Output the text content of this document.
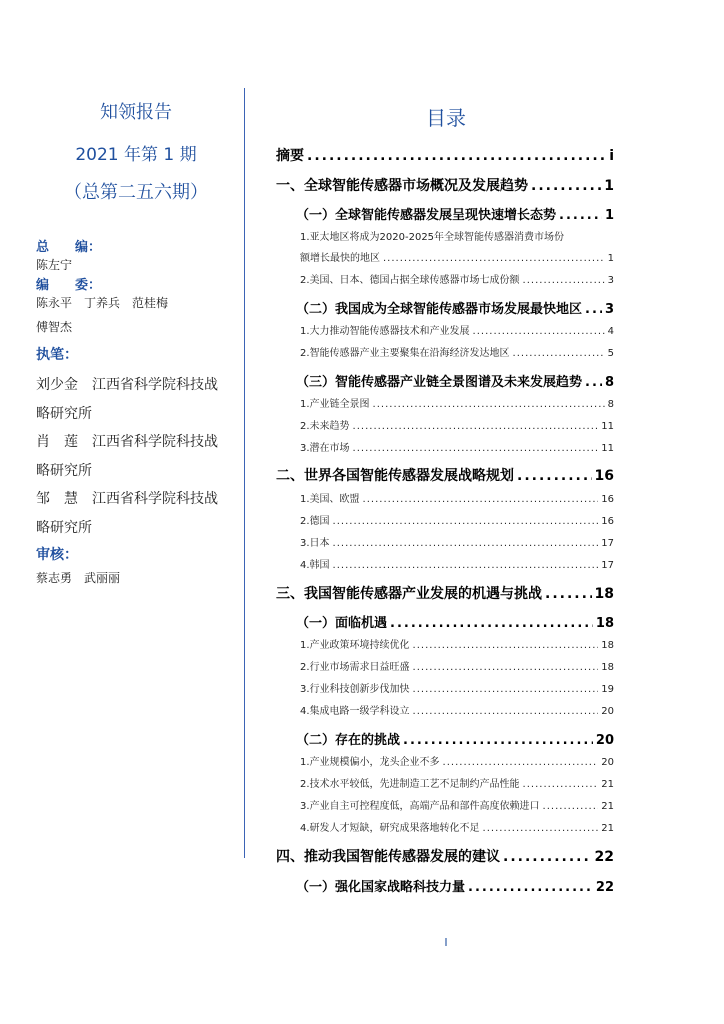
知领报告
2021 年第 1 期
（总第二五六期）
总　　编：
陈左宁
编　　委：
陈永平　丁养兵　范桂梅
傅智杰
执笔：
刘少金　江西省科学院科技战
略研究所
肖　莲　江西省科学院科技战
略研究所
邹　慧　江西省科学院科技战
略研究所
审核：
蔡志勇　武丽丽
目录
摘要 .....	i
一、全球智能传感器市场概况及发展趋势 .....	1
（一）全球智能传感器发展呈现快速增长态势 .....	1
1.亚太地区将成为2020-2025年全球智能传感器消费市场份
额增长最快的地区 .....	1
2.美国、日本、德国占据全球传感器市场七成份额 .....	3
（二）我国成为全球智能传感器市场发展最快地区 ..... 3
1.大力推动智能传感器技术和产业发展 .....	4
2.智能传感器产业主要聚集在沿海经济发达地区 .....	5
（三）智能传感器产业链全景图谱及未来发展趋势 ..... 8
1.产业链全景图 .....	8
2.未来趋势 .....	11
3.潜在市场 .....	11
二、世界各国智能传感器发展战略规划 .....	16
1.美国、欧盟 .....	16
2.德国 .....	16
3.日本 .....	17
4.韩国 .....	17
三、我国智能传感器产业发展的机遇与挑战 .....	18
（一）面临机遇 .....	18
1.产业政策环境持续优化 .....	18
2.行业市场需求日益旺盛 .....	18
3.行业科技创新步伐加快 .....	19
4.集成电路一级学科设立 .....	20
（二）存在的挑战 .....	20
1.产业规模偏小，龙头企业不多 .....	20
2.技术水平较低，先进制造工艺不足制约产品性能 .....	21
3.产业自主可控程度低，高端产品和部件高度依赖进口 .....	21
4.研发人才短缺，研究成果落地转化不足 .....	21
四、推动我国智能传感器发展的建议 .....	22
（一）强化国家战略科技力量 .....	22
I
